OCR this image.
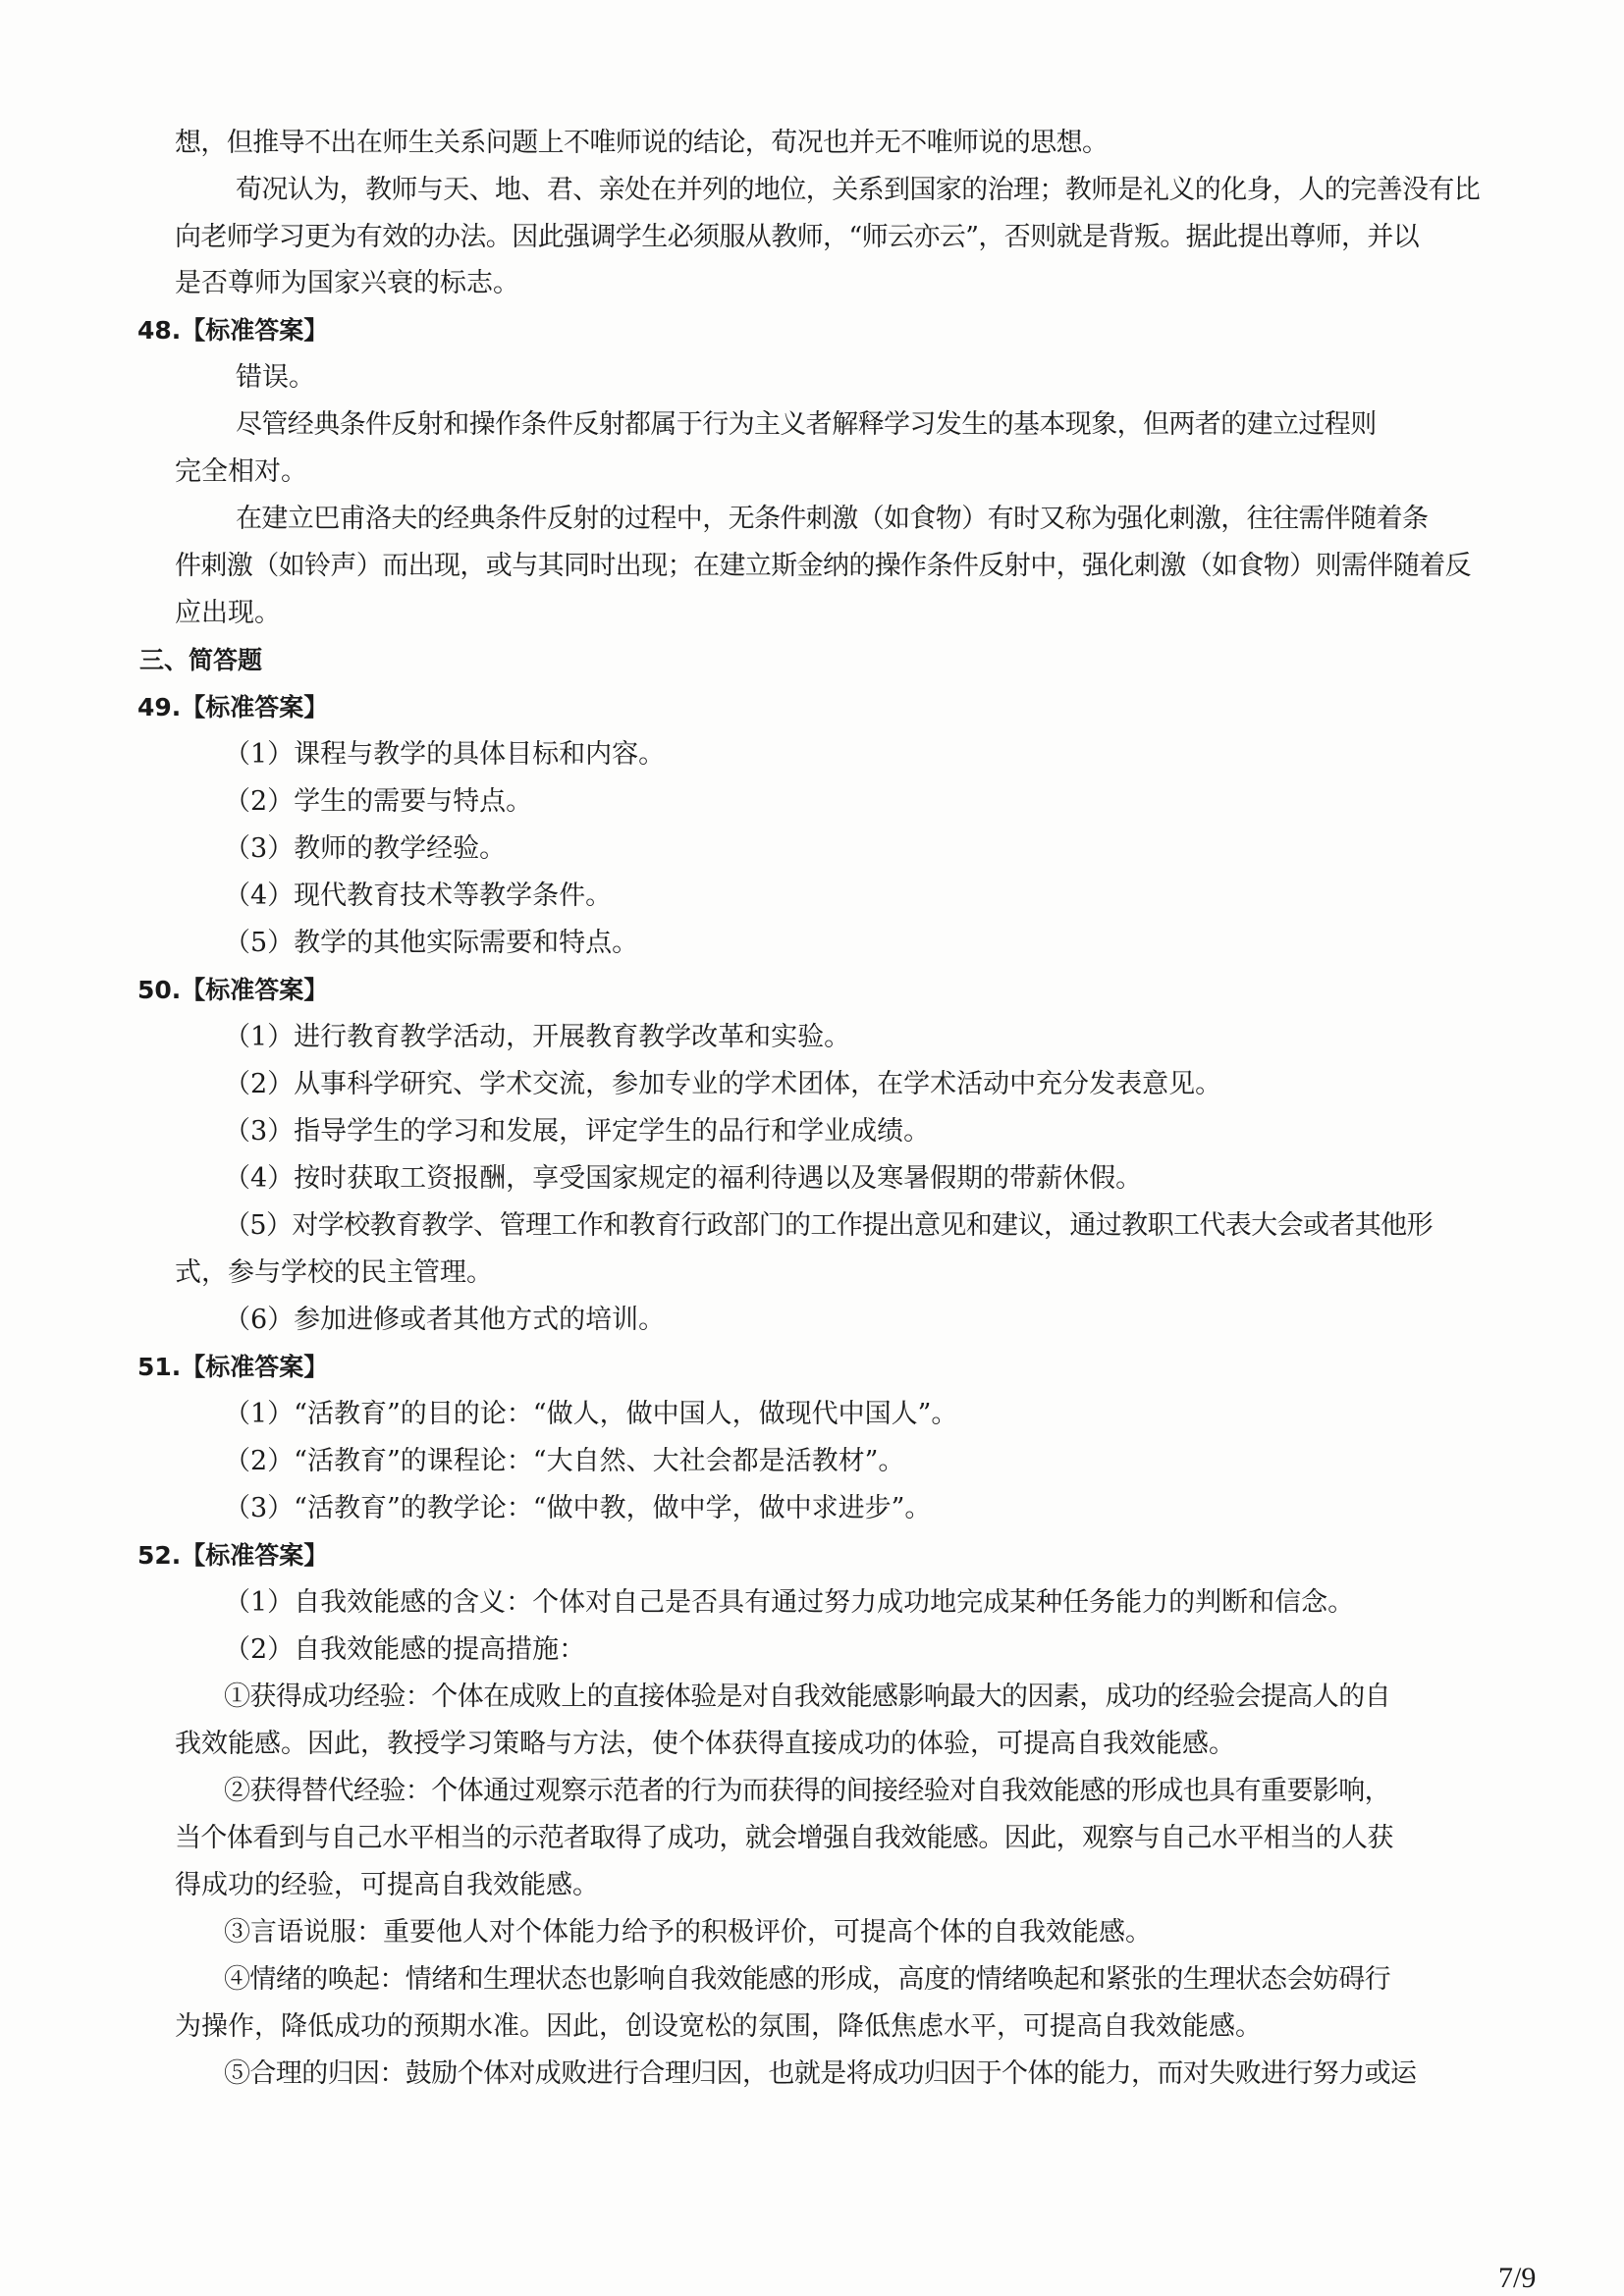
想，但推导不出在师生关系问题上不唯师说的结论，荀况也并无不唯师说的思想。
荀况认为，教师与天、地、君、亲处在并列的地位，关系到国家的治理；教师是礼义的化身，人的完善没有比
向老师学习更为有效的办法。因此强调学生必须服从教师，“师云亦云”，否则就是背叛。据此提出尊师，并以
是否尊师为国家兴衰的标志。
48.【标准答案】
错误。
尽管经典条件反射和操作条件反射都属于行为主义者解释学习发生的基本现象，但两者的建立过程则
完全相对。
在建立巴甫洛夫的经典条件反射的过程中，无条件刺激（如食物）有时又称为强化刺激，往往需伴随着条
件刺激（如铃声）而出现，或与其同时出现；在建立斯金纳的操作条件反射中，强化刺激（如食物）则需伴随着反
应出现。
三、简答题
49.【标准答案】
（1）课程与教学的具体目标和内容。
（2）学生的需要与特点。
（3）教师的教学经验。
（4）现代教育技术等教学条件。
（5）教学的其他实际需要和特点。
50.【标准答案】
（1）进行教育教学活动，开展教育教学改革和实验。
（2）从事科学研究、学术交流，参加专业的学术团体，在学术活动中充分发表意见。
（3）指导学生的学习和发展，评定学生的品行和学业成绩。
（4）按时获取工资报酬，享受国家规定的福利待遇以及寒暑假期的带薪休假。
（5）对学校教育教学、管理工作和教育行政部门的工作提出意见和建议，通过教职工代表大会或者其他形
式，参与学校的民主管理。
（6）参加进修或者其他方式的培训。
51.【标准答案】
（1）“活教育”的目的论：“做人，做中国人，做现代中国人”。
（2）“活教育”的课程论：“大自然、大社会都是活教材”。
（3）“活教育”的教学论：“做中教，做中学，做中求进步”。
52.【标准答案】
（1）自我效能感的含义：个体对自己是否具有通过努力成功地完成某种任务能力的判断和信念。
（2）自我效能感的提高措施：
①获得成功经验：个体在成败上的直接体验是对自我效能感影响最大的因素，成功的经验会提高人的自
我效能感。因此，教授学习策略与方法，使个体获得直接成功的体验，可提高自我效能感。
②获得替代经验：个体通过观察示范者的行为而获得的间接经验对自我效能感的形成也具有重要影响，
当个体看到与自己水平相当的示范者取得了成功，就会增强自我效能感。因此，观察与自己水平相当的人获
得成功的经验，可提高自我效能感。
③言语说服：重要他人对个体能力给予的积极评价，可提高个体的自我效能感。
④情绪的唤起：情绪和生理状态也影响自我效能感的形成，高度的情绪唤起和紧张的生理状态会妨碍行
为操作，降低成功的预期水准。因此，创设宽松的氛围，降低焦虑水平，可提高自我效能感。
⑤合理的归因：鼓励个体对成败进行合理归因，也就是将成功归因于个体的能力，而对失败进行努力或运
7/9
